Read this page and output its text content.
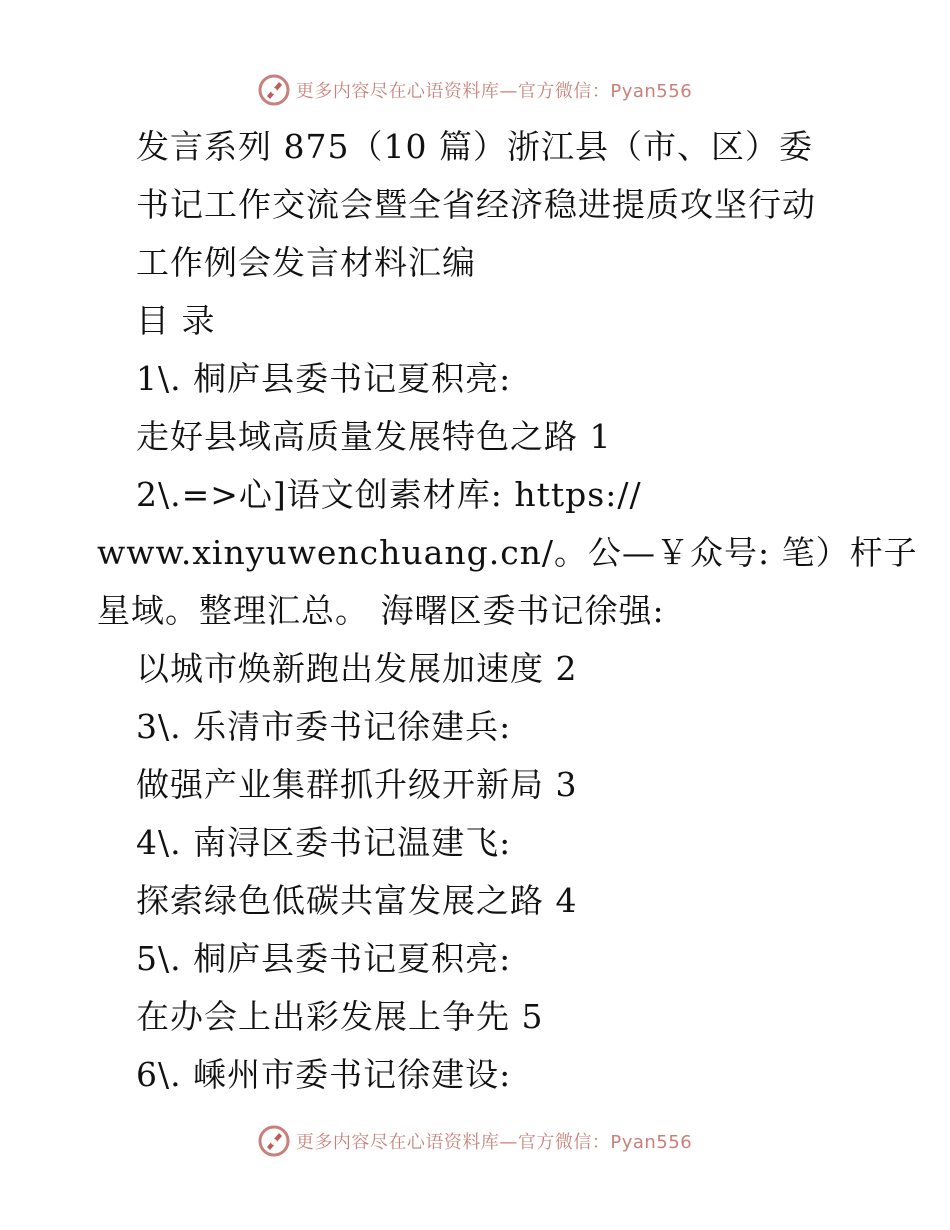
更多内容尽在心语资料库—官方微信：Pyan556
发言系列 875（10 篇）浙江县（市、区）委
书记工作交流会暨全省经济稳进提质攻坚行动
工作例会发言材料汇编
目 录
1\. 桐庐县委书记夏积亮:
走好县域高质量发展特色之路 1
2\.=>心]语文创素材库: https://
www.xinyuwenchuang.cn/。公—￥众号: 笔）杆子
星域。整理汇总。 海曙区委书记徐强:
以城市焕新跑出发展加速度 2
3\. 乐清市委书记徐建兵:
做强产业集群抓升级开新局 3
4\. 南浔区委书记温建飞:
探索绿色低碳共富发展之路 4
5\. 桐庐县委书记夏积亮:
在办会上出彩发展上争先 5
6\. 嵊州市委书记徐建设:
更多内容尽在心语资料库—官方微信：Pyan556
